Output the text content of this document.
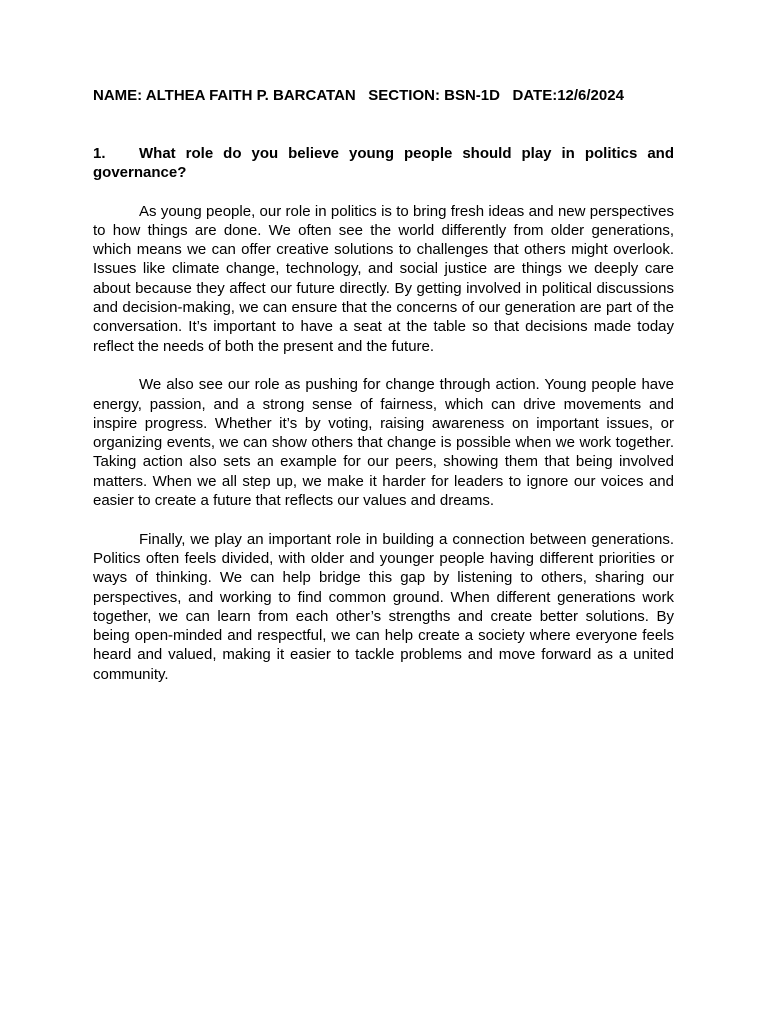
NAME: ALTHEA FAITH P. BARCATAN SECTION: BSN-1D DATE:12/6/2024

1. What role do you believe young people should play in politics and governance?

As young people, our role in politics is to bring fresh ideas and new perspectives to how things are done. We often see the world differently from older generations, which means we can offer creative solutions to challenges that others might overlook. Issues like climate change, technology, and social justice are things we deeply care about because they affect our future directly. By getting involved in political discussions and decision-making, we can ensure that the concerns of our generation are part of the conversation. It’s important to have a seat at the table so that decisions made today reflect the needs of both the present and the future.

We also see our role as pushing for change through action. Young people have energy, passion, and a strong sense of fairness, which can drive movements and inspire progress. Whether it’s by voting, raising awareness on important issues, or organizing events, we can show others that change is possible when we work together. Taking action also sets an example for our peers, showing them that being involved matters. When we all step up, we make it harder for leaders to ignore our voices and easier to create a future that reflects our values and dreams.

Finally, we play an important role in building a connection between generations. Politics often feels divided, with older and younger people having different priorities or ways of thinking. We can help bridge this gap by listening to others, sharing our perspectives, and working to find common ground. When different generations work together, we can learn from each other’s strengths and create better solutions. By being open-minded and respectful, we can help create a society where everyone feels heard and valued, making it easier to tackle problems and move forward as a united community.
